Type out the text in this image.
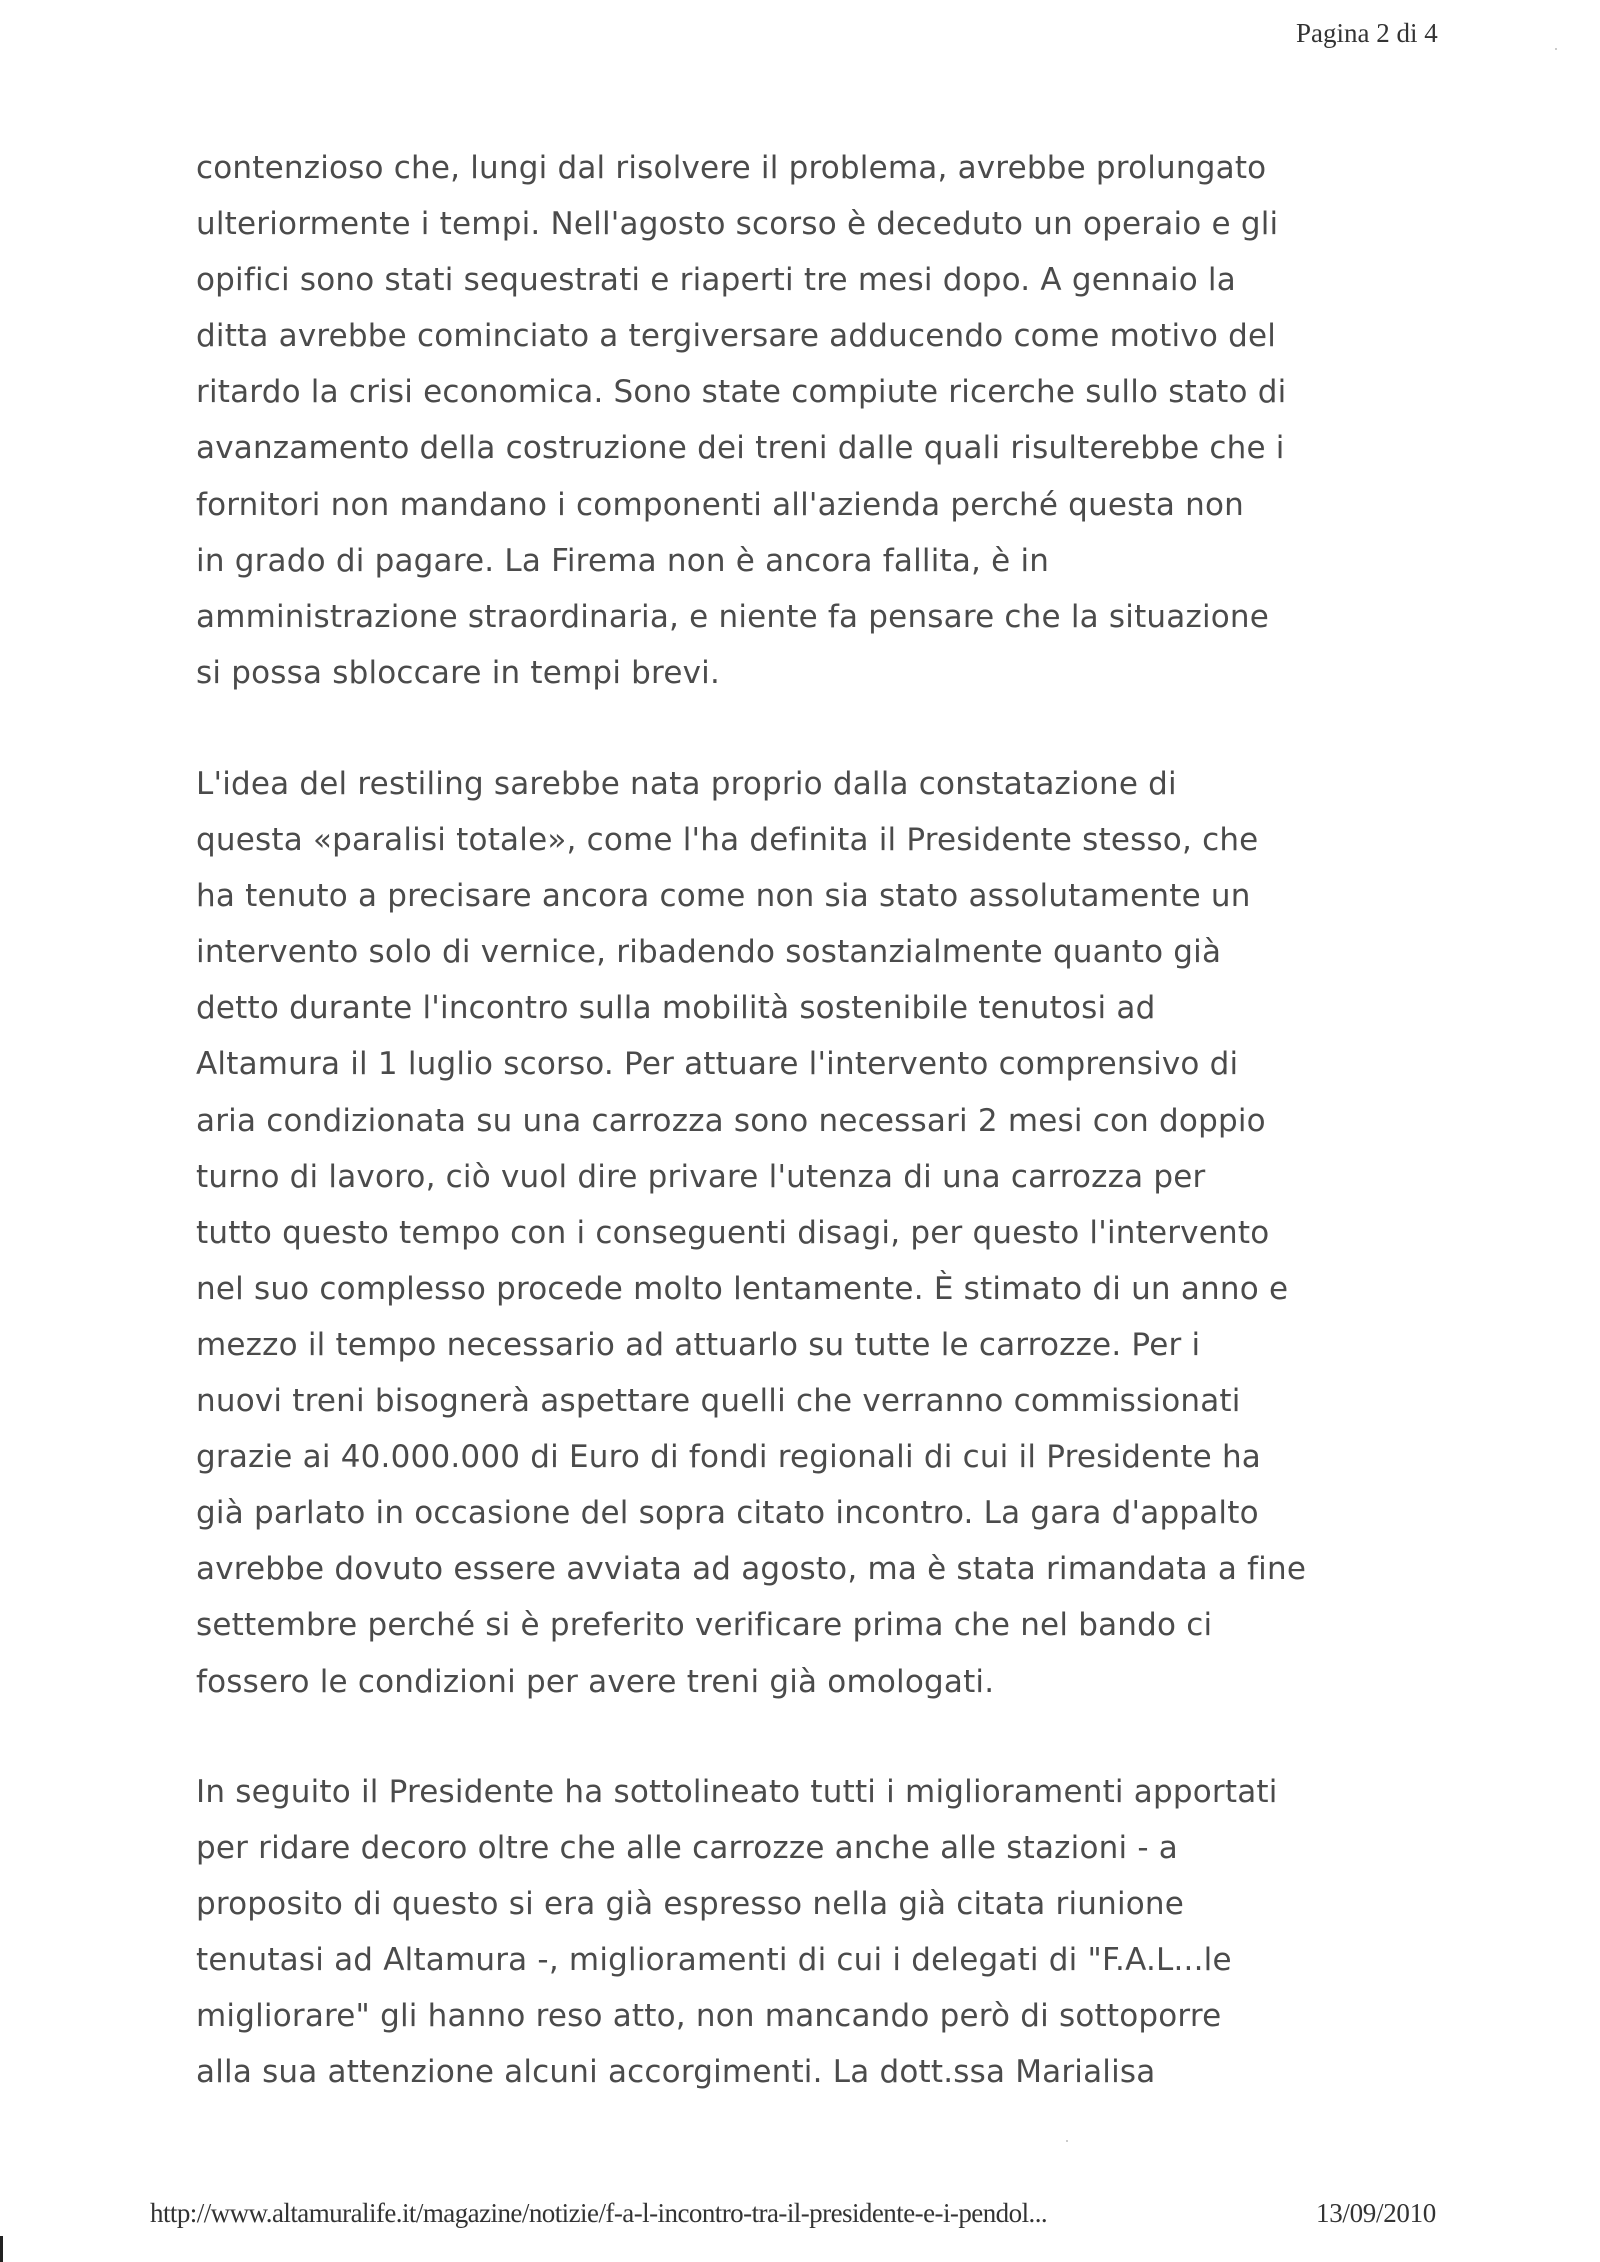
Pagina 2 di 4
contenzioso che, lungi dal risolvere il problema, avrebbe prolungato
ulteriormente i tempi. Nell'agosto scorso è deceduto un operaio e gli
opifici sono stati sequestrati e riaperti tre mesi dopo. A gennaio la
ditta avrebbe cominciato a tergiversare adducendo come motivo del
ritardo la crisi economica. Sono state compiute ricerche sullo stato di
avanzamento della costruzione dei treni dalle quali risulterebbe che i
fornitori non mandano i componenti all'azienda perché questa non
in grado di pagare. La Firema non è ancora fallita, è in
amministrazione straordinaria, e niente fa pensare che la situazione
si possa sbloccare in tempi brevi.
L'idea del restiling sarebbe nata proprio dalla constatazione di
questa «paralisi totale», come l'ha definita il Presidente stesso, che
ha tenuto a precisare ancora come non sia stato assolutamente un
intervento solo di vernice, ribadendo sostanzialmente quanto già
detto durante l'incontro sulla mobilità sostenibile tenutosi ad
Altamura il 1 luglio scorso. Per attuare l'intervento comprensivo di
aria condizionata su una carrozza sono necessari 2 mesi con doppio
turno di lavoro, ciò vuol dire privare l'utenza di una carrozza per
tutto questo tempo con i conseguenti disagi, per questo l'intervento
nel suo complesso procede molto lentamente. È stimato di un anno e
mezzo il tempo necessario ad attuarlo su tutte le carrozze. Per i
nuovi treni bisognerà aspettare quelli che verranno commissionati
grazie ai 40.000.000 di Euro di fondi regionali di cui il Presidente ha
già parlato in occasione del sopra citato incontro. La gara d'appalto
avrebbe dovuto essere avviata ad agosto, ma è stata rimandata a fine
settembre perché si è preferito verificare prima che nel bando ci
fossero le condizioni per avere treni già omologati.
In seguito il Presidente ha sottolineato tutti i miglioramenti apportati
per ridare decoro oltre che alle carrozze anche alle stazioni - a
proposito di questo si era già espresso nella già citata riunione
tenutasi ad Altamura -, miglioramenti di cui i delegati di "F.A.L...le
migliorare" gli hanno reso atto, non mancando però di sottoporre
alla sua attenzione alcuni accorgimenti. La dott.ssa Marialisa
http://www.altamuralife.it/magazine/notizie/f-a-l-incontro-tra-il-presidente-e-i-pendol...	13/09/2010
